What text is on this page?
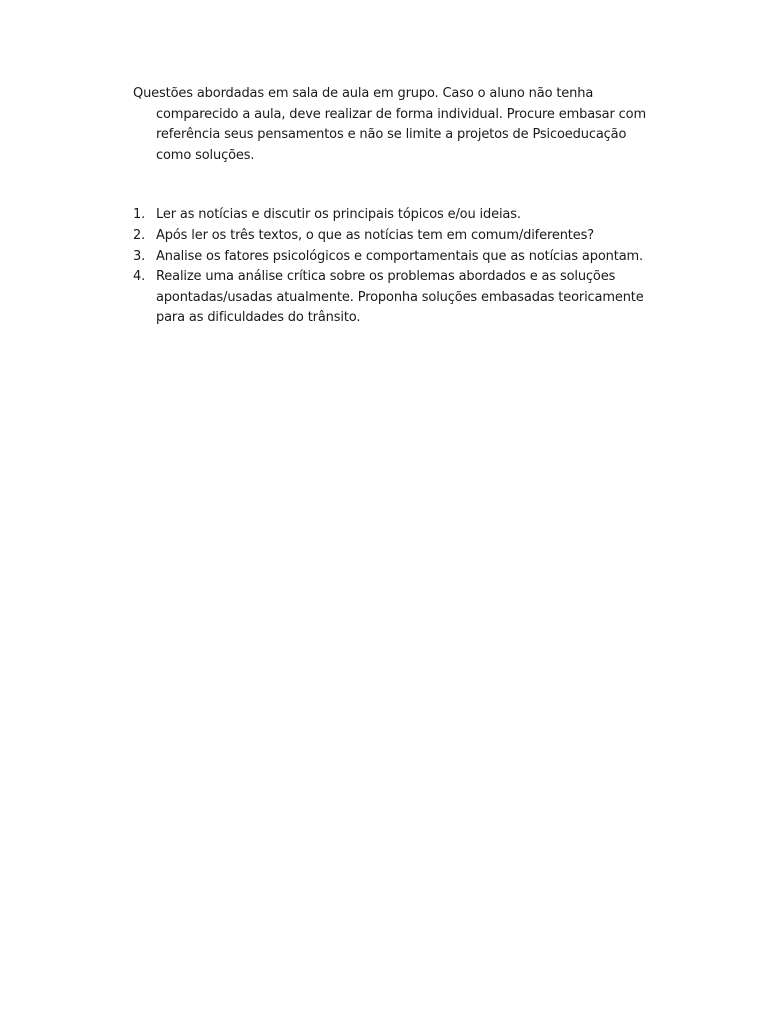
Questões abordadas em sala de aula em grupo. Caso o aluno não tenha comparecido a aula, deve realizar de forma individual. Procure embasar com referência seus pensamentos e não se limite a projetos de Psicoeducação como soluções.

1. Ler as notícias e discutir os principais tópicos e/ou ideias.
2. Após ler os três textos, o que as notícias tem em comum/diferentes?
3. Analise os fatores psicológicos e comportamentais que as notícias apontam.
4. Realize uma análise crítica sobre os problemas abordados e as soluções apontadas/usadas atualmente. Proponha soluções embasadas teoricamente para as dificuldades do trânsito.
